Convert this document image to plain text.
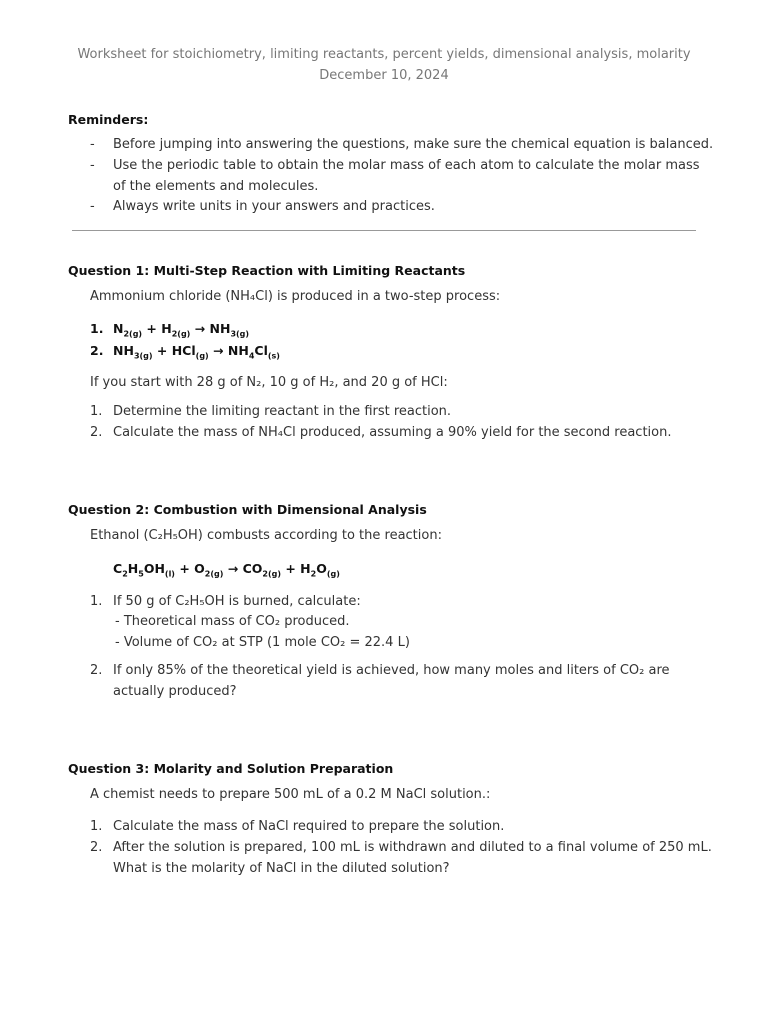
Worksheet for stoichiometry, limiting reactants, percent yields, dimensional analysis, molarity
December 10, 2024
Reminders:
- Before jumping into answering the questions, make sure the chemical equation is balanced.
- Use the periodic table to obtain the molar mass of each atom to calculate the molar mass
of the elements and molecules.
- Always write units in your answers and practices.
Question 1: Multi-Step Reaction with Limiting Reactants
Ammonium chloride (NH₄Cl) is produced in a two-step process:
1. $N_{2(g)} + H_{2(g)} \to NH_{3(g)}$
2. $NH_{3(g)} + HCl_{(g)} \to NH_4Cl_{(s)}$
If you start with 28 g of N₂, 10 g of H₂, and 20 g of HCl:
1. Determine the limiting reactant in the first reaction.
2. Calculate the mass of NH₄Cl produced, assuming a 90% yield for the second reaction.
Question 2: Combustion with Dimensional Analysis
Ethanol (C₂H₅OH) combusts according to the reaction:
$C_2H_5OH_{(l)} + O_{2(g)} \to CO_{2(g)} + H_2O_{(g)}$
1. If 50 g of C₂H₅OH is burned, calculate:
- Theoretical mass of CO₂ produced.
- Volume of CO₂ at STP (1 mole CO₂ = 22.4 L)
2. If only 85% of the theoretical yield is achieved, how many moles and liters of CO₂ are
actually produced?
Question 3: Molarity and Solution Preparation
A chemist needs to prepare 500 mL of a 0.2 M NaCl solution.:
1. Calculate the mass of NaCl required to prepare the solution.
2. After the solution is prepared, 100 mL is withdrawn and diluted to a final volume of 250 mL.
What is the molarity of NaCl in the diluted solution?
